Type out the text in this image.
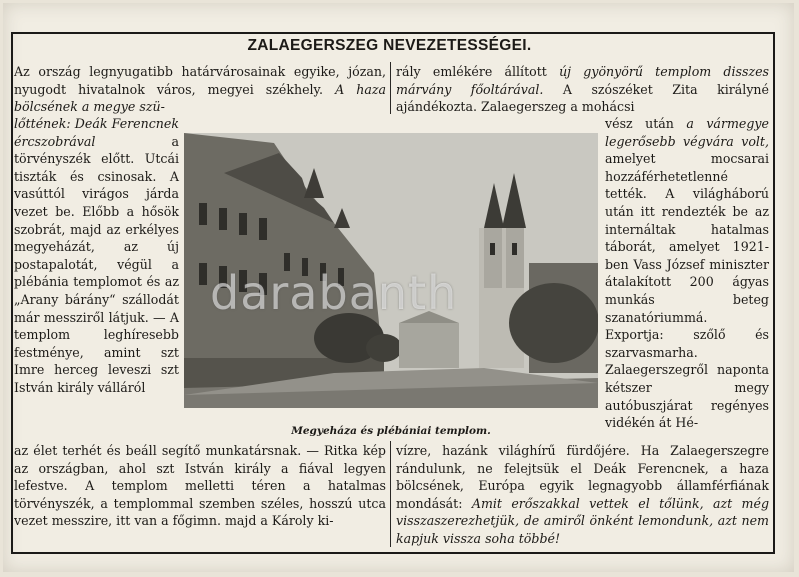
ZALAEGERSZEG NEVEZETESSÉGEI.

Az ország legnyugatibb határvárosainak egyike, józan, nyugodt hivatalnok város, megyei székhely. A haza bölcsének a megye szü-

rály emlékére állított új gyönyörű templom disszes márvány főoltárával. A szószéket Zita királyné ajándékozta. Zalaegerszeg a mohácsi

lőttének: Deák Ferencnek ércszobrával a törvényszék előtt. Utcái tiszták és csinosak. A vasúttól virágos járda vezet be. Előbb a hősök szobrát, majd az erkélyes megyeházát, az új postapalotát, végül a plébánia templomot és az „Arany bárány“ szállodát már messziről látjuk. — A templom leghíresebb festménye, amint szt Imre herceg leveszi szt István király válláról

vész után a vármegye legerősebb végvára volt, amelyet mocsarai hozzáférhetetlenné tették. A világháború után itt rendezték be az internáltak hatalmas táborát, amelyet 1921-ben Vass József miniszter átalakított 200 ágyas munkás beteg szanatóriummá. Exportja: szőlő és szarvasmarha. Zalaegerszegről naponta kétszer megy autóbuszjárat regényes vidékén át Hé-

az élet terhét és beáll segítő munkatársnak. — Ritka kép az országban, ahol szt István király a fiával legyen lefestve. A templom melletti téren a hatalmas törvényszék, a templommal szemben széles, hosszú utca vezet messzire, itt van a főgimn. majd a Károly ki-

vízre, hazánk világhírű fürdőjére. Ha Zalaegerszegre rándulunk, ne felejtsük el Deák Ferencnek, a haza bölcsének, Európa egyik legnagyobb államférfiának mondását: Amit erőszakkal vettek el tőlünk, azt még visszaszerezhetjük, de amiről önként lemondunk, azt nem kapjuk vissza soha többé!

darabanth
Megyeháza és plébániai templom.
